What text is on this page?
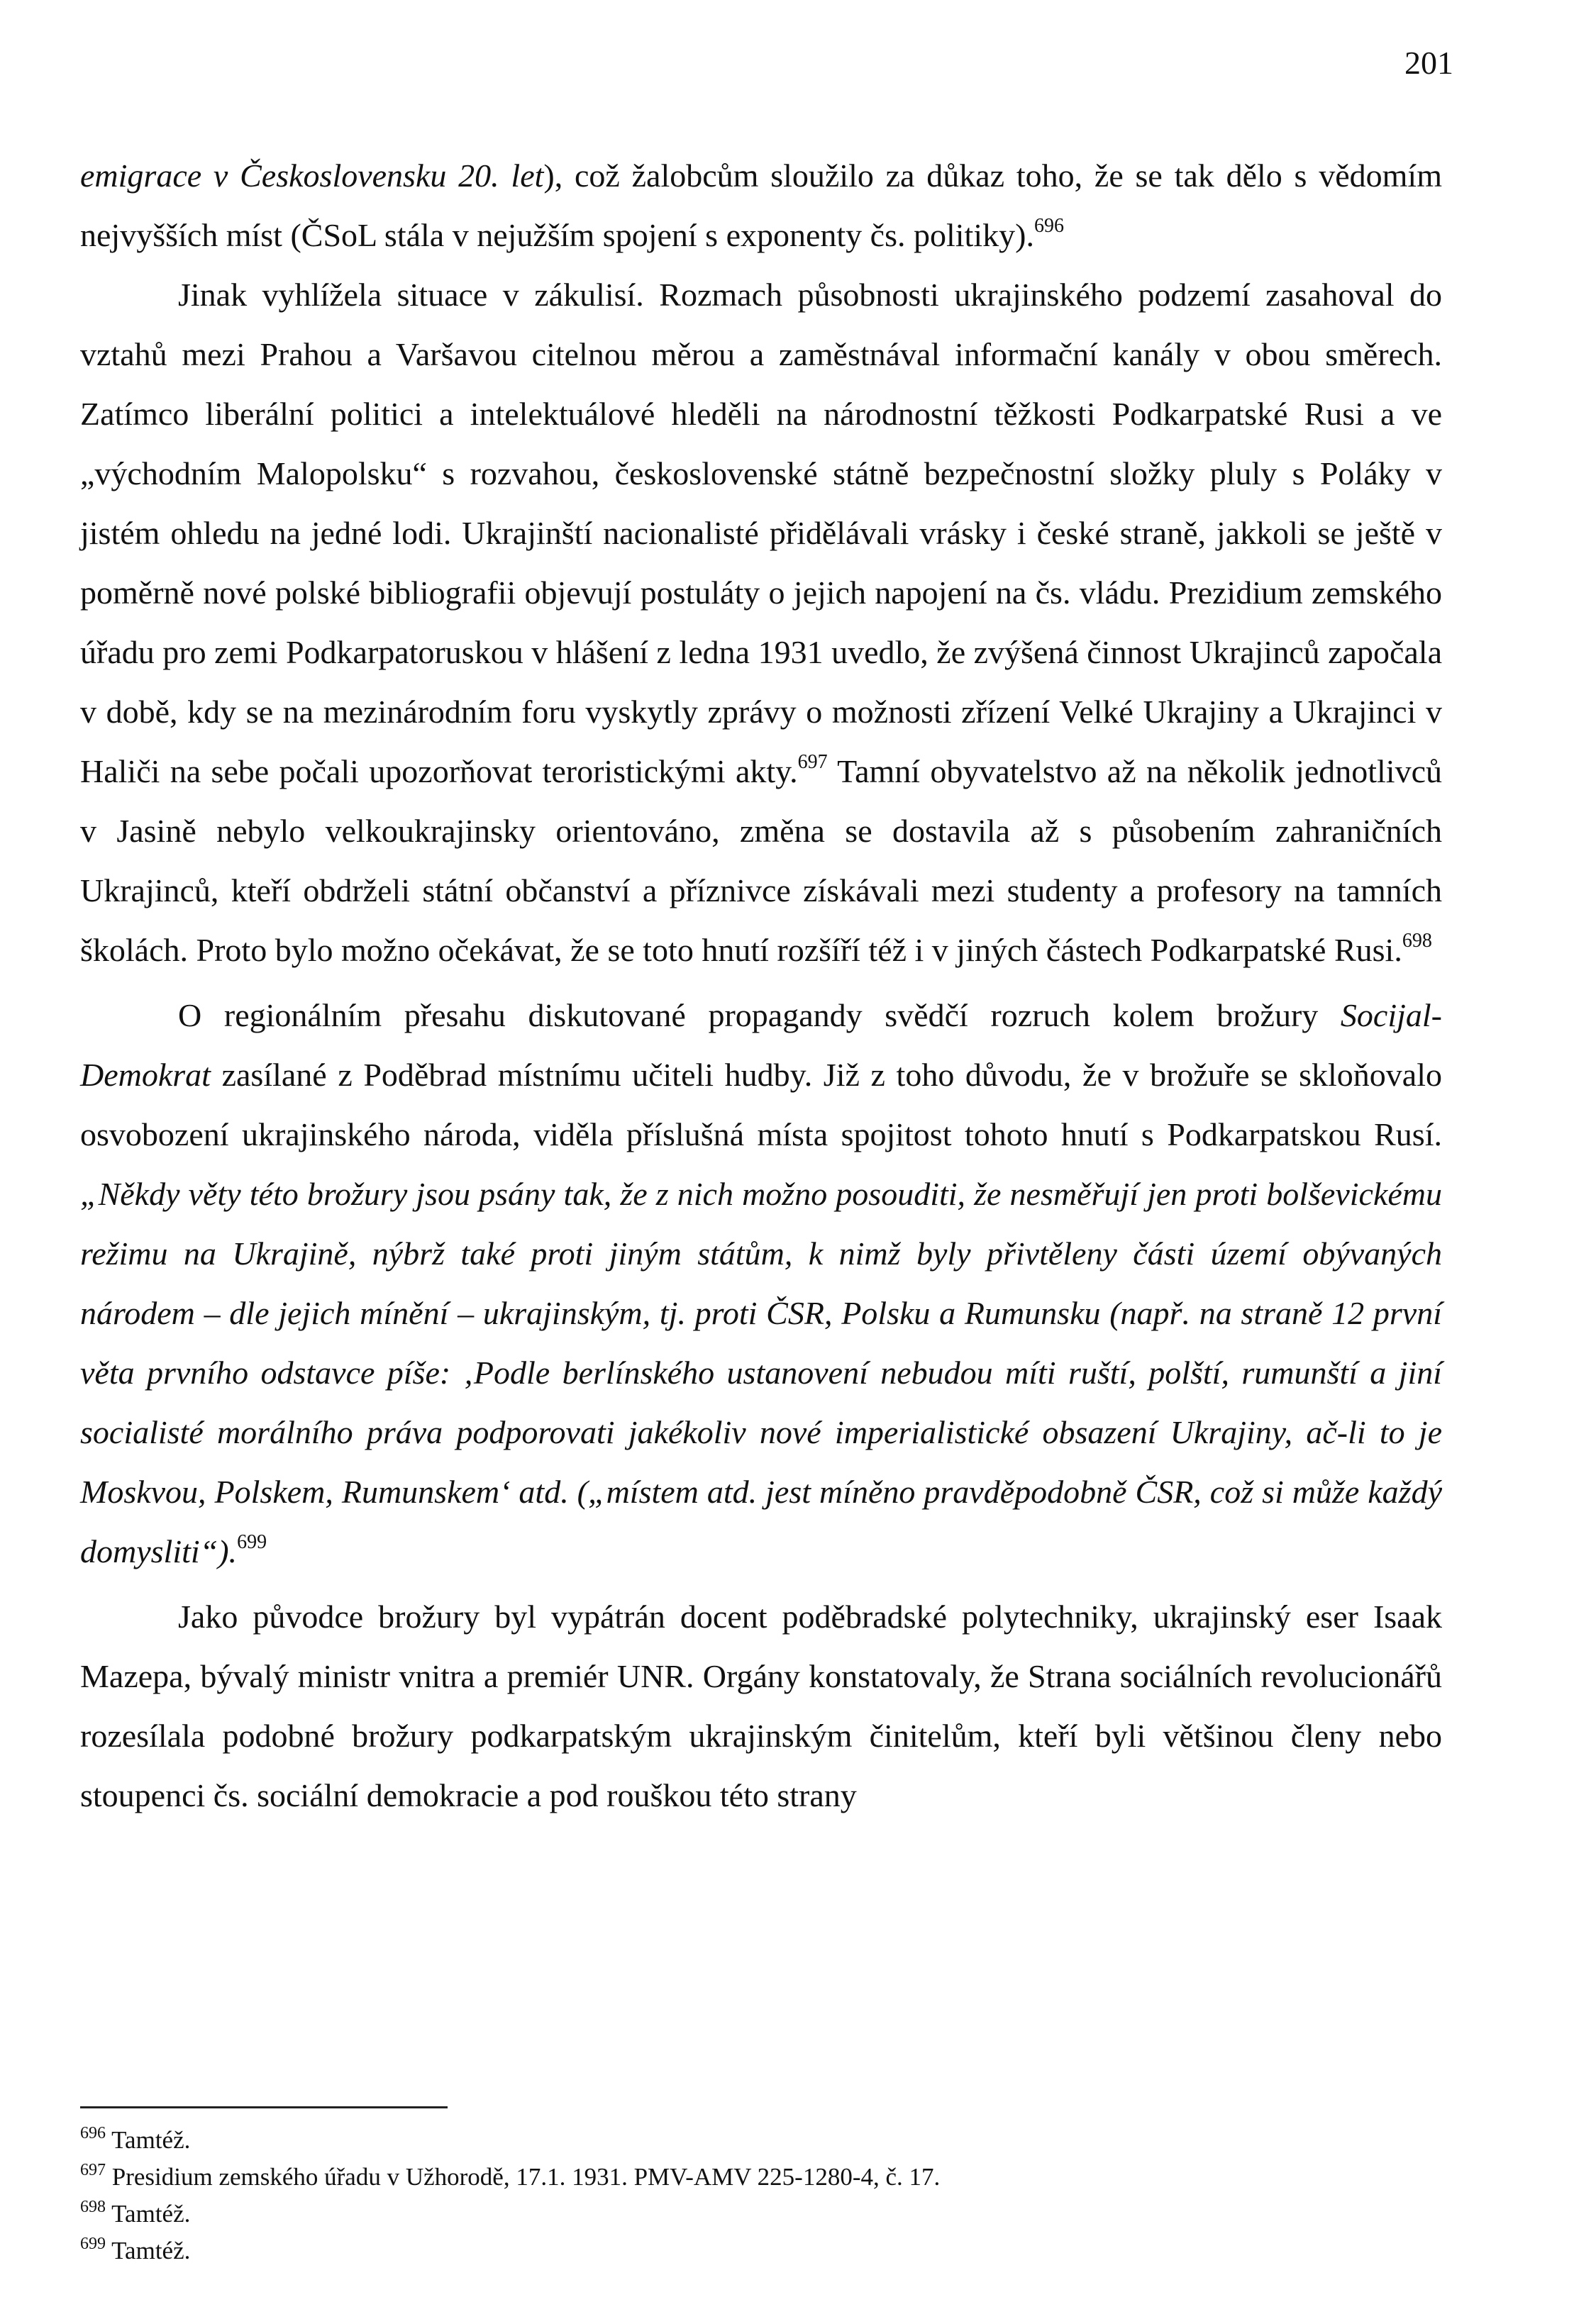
201

emigrace v Československu 20. let), což žalobcům sloužilo za důkaz toho, že se tak dělo s vědomím nejvyšších míst (ČSoL stála v nejužším spojení s exponenty čs. politiky).$^{696}$

Jinak vyhlížela situace v zákulisí. Rozmach působnosti ukrajinského podzemí zasahoval do vztahů mezi Prahou a Varšavou citelnou měrou a zaměstnával informační kanály v obou směrech. Zatímco liberální politici a intelektuálové hleděli na národnostní těžkosti Podkarpatské Rusi a ve „východním Malopolsku“ s rozvahou, československé státně bezpečnostní složky pluly s Poláky v jistém ohledu na jedné lodi. Ukrajinští nacionalisté přidělávali vrásky i české straně, jakkoli se ještě v poměrně nové polské bibliografii objevují postuláty o jejich napojení na čs. vládu. Prezidium zemského úřadu pro zemi Podkarpatoruskou v hlášení z ledna 1931 uvedlo, že zvýšená činnost Ukrajinců započala v době, kdy se na mezinárodním foru vyskytly zprávy o možnosti zřízení Velké Ukrajiny a Ukrajinci v Haliči na sebe počali upozorňovat teroristickými akty.$^{697}$ Tamní obyvatelstvo až na několik jednotlivců v Jasině nebylo velkoukrajinsky orientováno, změna se dostavila až s působením zahraničních Ukrajinců, kteří obdrželi státní občanství a příznivce získávali mezi studenty a profesory na tamních školách. Proto bylo možno očekávat, že se toto hnutí rozšíří též i v jiných částech Podkarpatské Rusi.$^{698}$

O regionálním přesahu diskutované propagandy svědčí rozruch kolem brožury Socijal-Demokrat zasílané z Poděbrad místnímu učiteli hudby. Již z toho důvodu, že v brožuře se skloňovalo osvobození ukrajinského národa, viděla příslušná místa spojitost tohoto hnutí s Podkarpatskou Rusí. „Někdy věty této brožury jsou psány tak, že z nich možno posouditi, že nesměřují jen proti bolševickému režimu na Ukrajině, nýbrž také proti jiným státům, k nimž byly přivtěleny části území obývaných národem – dle jejich mínění – ukrajinským, tj. proti ČSR, Polsku a Rumunsku (např. na straně 12 první věta prvního odstavce píše: ‚Podle berlínského ustanovení nebudou míti ruští, polští, rumunští a jiní socialisté morálního práva podporovati jakékoliv nové imperialistické obsazení Ukrajiny, ač-li to je Moskvou, Polskem, Rumunskem‘ atd. („místem atd. jest míněno pravděpodobně ČSR, což si může každý domysliti“).$^{699}$

Jako původce brožury byl vypátrán docent poděbradské polytechniky, ukrajinský eser Isaak Mazepa, bývalý ministr vnitra a premiér UNR. Orgány konstatovaly, že Strana sociálních revolucionářů rozesílala podobné brožury podkarpatským ukrajinským činitelům, kteří byli většinou členy nebo stoupenci čs. sociální demokracie a pod rouškou této strany

$^{696}$ Tamtéž.

$^{697}$ Presidium zemského úřadu v Užhorodě, 17.1. 1931. PMV-AMV 225-1280-4, č. 17.

$^{698}$ Tamtéž.

$^{699}$ Tamtéž.
